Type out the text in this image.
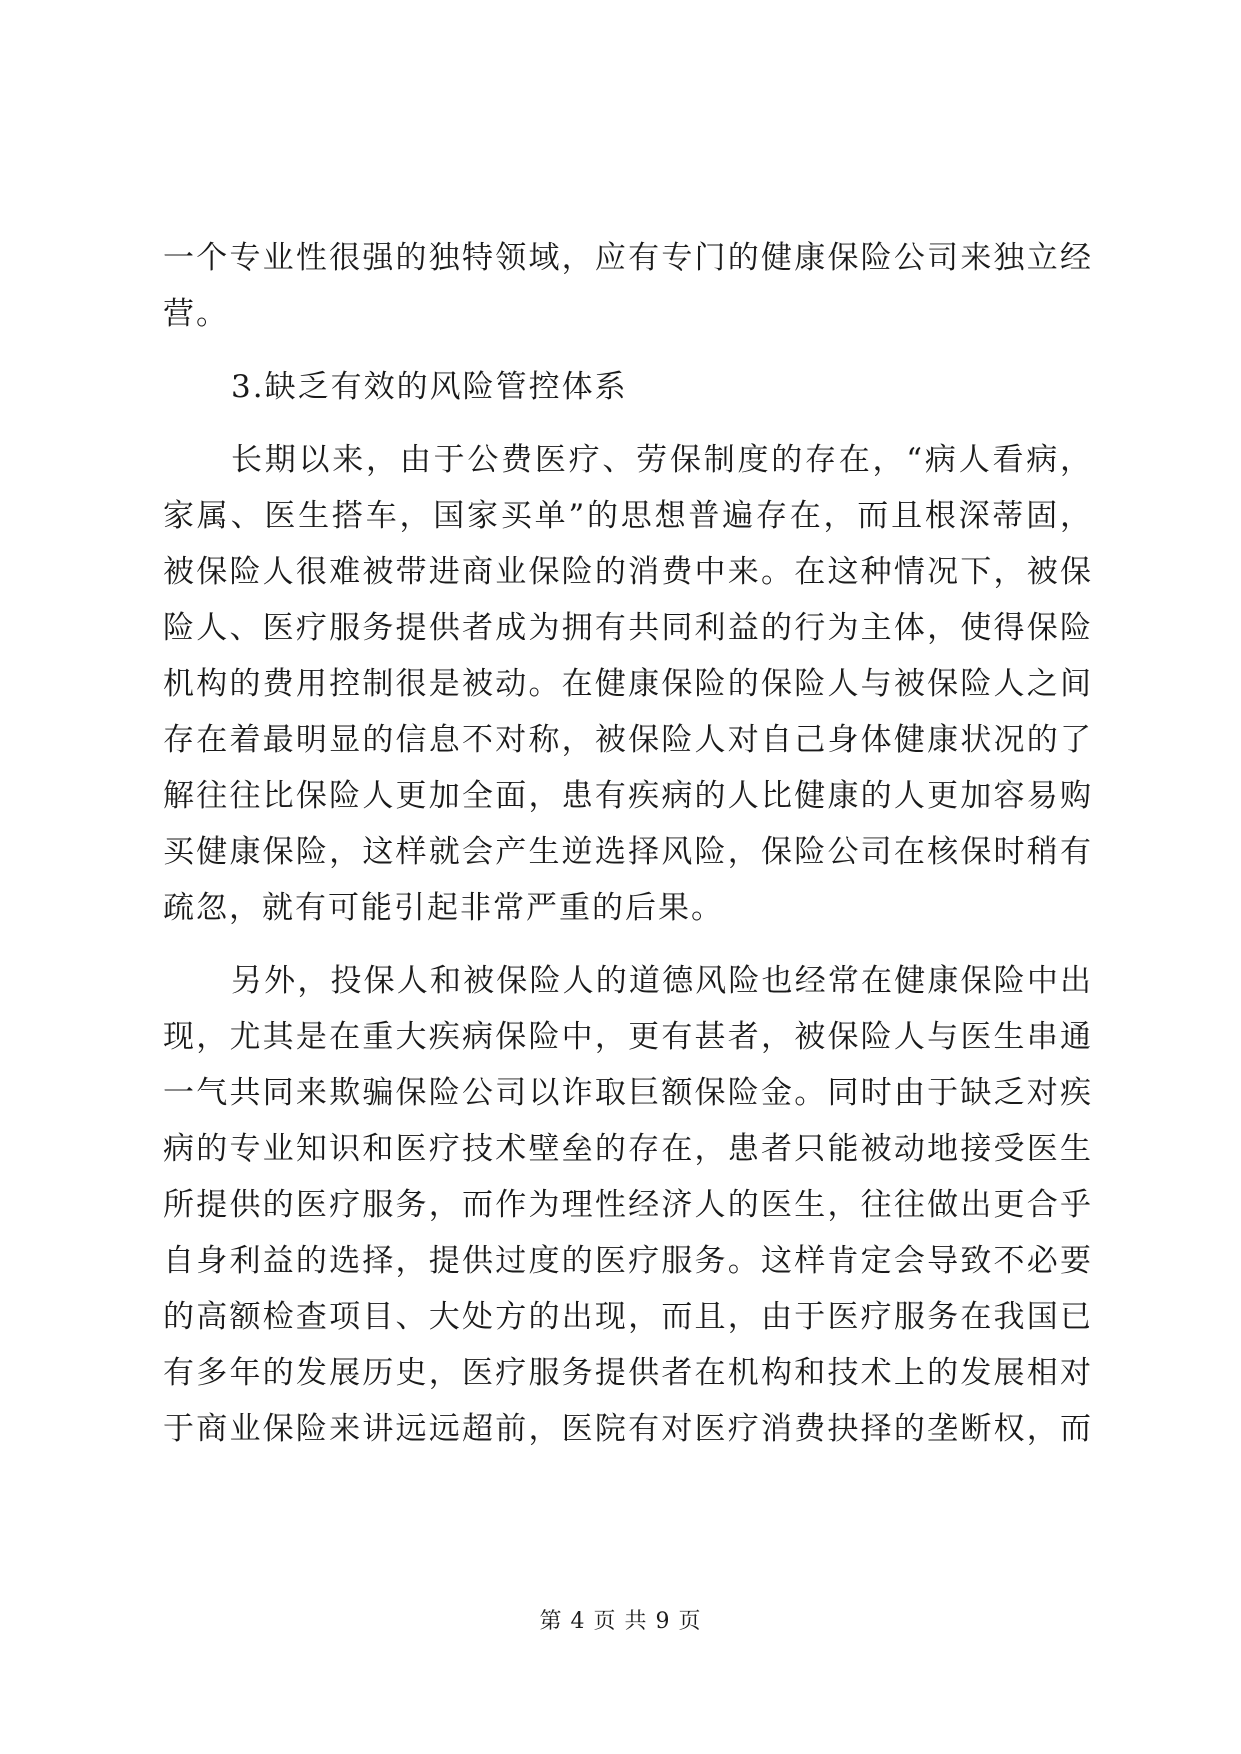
一个专业性很强的独特领域，应有专门的健康保险公司来独立经
营。
3.缺乏有效的风险管控体系
长期以来，由于公费医疗、劳保制度的存在，“病人看病，
家属、医生搭车，国家买单”的思想普遍存在，而且根深蒂固，
被保险人很难被带进商业保险的消费中来。在这种情况下，被保
险人、医疗服务提供者成为拥有共同利益的行为主体，使得保险
机构的费用控制很是被动。在健康保险的保险人与被保险人之间
存在着最明显的信息不对称，被保险人对自己身体健康状况的了
解往往比保险人更加全面，患有疾病的人比健康的人更加容易购
买健康保险，这样就会产生逆选择风险，保险公司在核保时稍有
疏忽，就有可能引起非常严重的后果。
另外，投保人和被保险人的道德风险也经常在健康保险中出
现，尤其是在重大疾病保险中，更有甚者，被保险人与医生串通
一气共同来欺骗保险公司以诈取巨额保险金。同时由于缺乏对疾
病的专业知识和医疗技术壁垒的存在，患者只能被动地接受医生
所提供的医疗服务，而作为理性经济人的医生，往往做出更合乎
自身利益的选择，提供过度的医疗服务。这样肯定会导致不必要
的高额检查项目、大处方的出现，而且，由于医疗服务在我国已
有多年的发展历史，医疗服务提供者在机构和技术上的发展相对
于商业保险来讲远远超前，医院有对医疗消费抉择的垄断权，而
第 4 页 共 9 页
